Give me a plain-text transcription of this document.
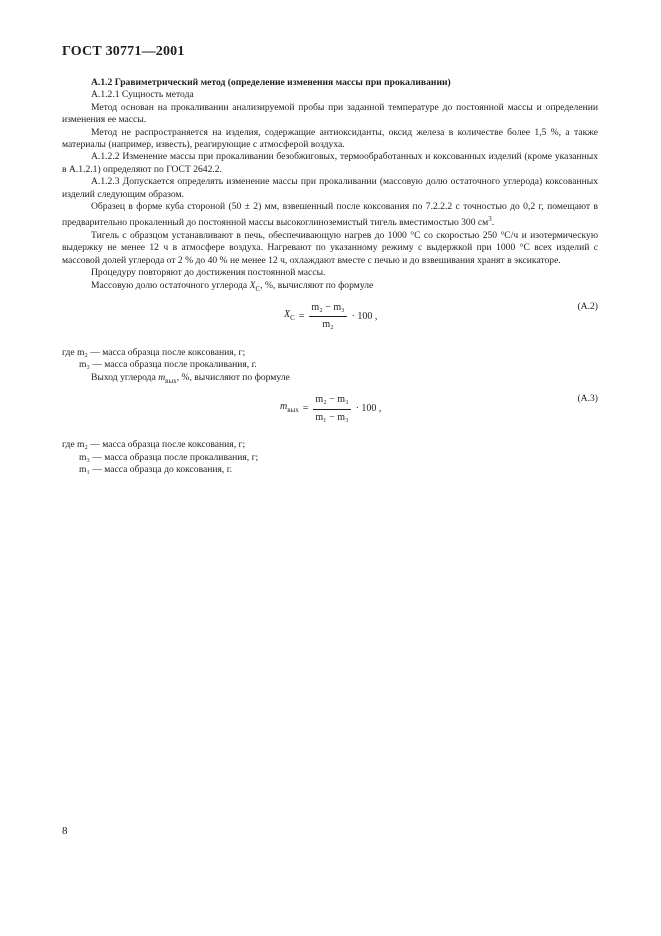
ГОСТ 30771—2001

А.1.2 Гравиметрический метод (определение изменения массы при прокаливании)

А.1.2.1 Сущность метода

Метод основан на прокаливании анализируемой пробы при заданной температуре до постоянной массы и определении изменения ее массы.

Метод не распространяется на изделия, содержащие антиоксиданты, оксид железа в количестве более 1,5 %, а также материалы (например, известь), реагирующие с атмосферой воздуха.

А.1.2.2 Изменение массы при прокаливании безобжиговых, термообработанных и коксованных изделий (кроме указанных в А.1.2.1) определяют по ГОСТ 2642.2.

А.1.2.3 Допускается определять изменение массы при прокаливании (массовую долю остаточного углерода) коксованных изделий следующим образом.

Образец в форме куба стороной (50 ± 2) мм, взвешенный после коксования по 7.2.2.2 с точностью до 0,2 г, помещают в предварительно прокаленный до постоянной массы высокоглиноземистый тигель вместимостью 300 $см^3$.

Тигель с образцом устанавливают в печь, обеспечивающую нагрев до 1000 °С со скоростью 250 °С/ч и изотермическую выдержку не менее 12 ч в атмосфере воздуха. Нагревают по указанному режиму с выдержкой при 1000 °С всех изделий с массовой долей углерода от 2 % до 40 % не менее 12 ч, охлаждают вместе с печью и до взвешивания хранят в эксикаторе.

Процедуру повторяют до достижения постоянной массы.

Массовую долю остаточного углерода $X_C$, %, вычисляют по формуле

$X_C = \frac{\text{m₂ − m₃}}{\text{m₂}} \cdot 100$ ,
(А.2)

где m₂ — масса образца после коксования, г;

m₃ — масса образца после прокаливания, г.

Выход углерода $m_{вых}$, %, вычисляют по формуле

$m_{вых} = \frac{\text{m₂ − m₃}}{\text{m₁ − m₃}} \cdot 100$ ,
(А.3)

где m₂ — масса образца после коксования, г;

m₃ — масса образца после прокаливания, г;

m₁ — масса образца до коксования, г.

8
